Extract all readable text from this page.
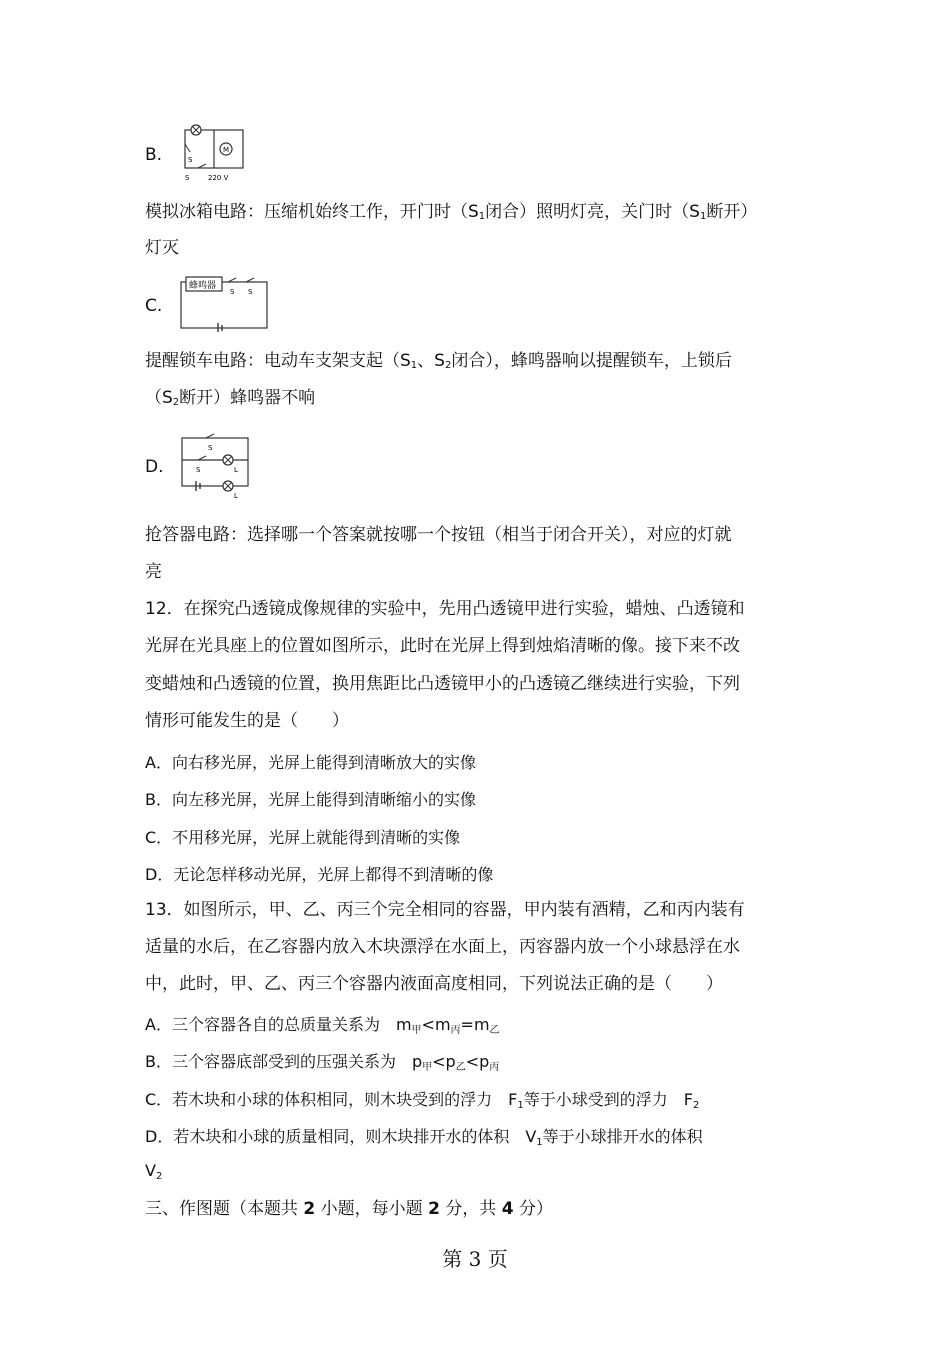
B.	M
S
S	220 V
模拟冰箱电路：压缩机始终工作，开门时（S1闭合）照明灯亮，关门时（S1断开）
灯灭
C.
蜂鸣器
S S
提醒锁车电路：电动车支架支起（S1、S2闭合），蜂鸣器响以提醒锁车，上锁后
（S2断开）蜂鸣器不响
D.
S
S	L
L
抢答器电路：选择哪一个答案就按哪一个按钮（相当于闭合开关），对应的灯就
亮
12．在探究凸透镜成像规律的实验中，先用凸透镜甲进行实验，蜡烛、凸透镜和
光屏在光具座上的位置如图所示，此时在光屏上得到烛焰清晰的像。接下来不改
变蜡烛和凸透镜的位置，换用焦距比凸透镜甲小的凸透镜乙继续进行实验，下列
情形可能发生的是（　　）
A．向右移光屏，光屏上能得到清晰放大的实像
B．向左移光屏，光屏上能得到清晰缩小的实像
C．不用移光屏，光屏上就能得到清晰的实像
D．无论怎样移动光屏，光屏上都得不到清晰的像
13．如图所示，甲、乙、丙三个完全相同的容器，甲内装有酒精，乙和丙内装有
适量的水后，在乙容器内放入木块漂浮在水面上，丙容器内放一个小球悬浮在水
中，此时，甲、乙、丙三个容器内液面高度相同，下列说法正确的是（　　）
A．三个容器各自的总质量关系为　$m_甲<m_丙=m_乙$
B．三个容器底部受到的压强关系为　$p_甲<p_乙<p_丙$
C．若木块和小球的体积相同，则木块受到的浮力　$F_1$等于小球受到的浮力　$F_2$
D．若木块和小球的质量相同，则木块排开水的体积　$V_1$等于小球排开水的体积
$V_2$
三、作图题（本题共 2 小题，每小题 2 分，共 4 分）
第 3 页
